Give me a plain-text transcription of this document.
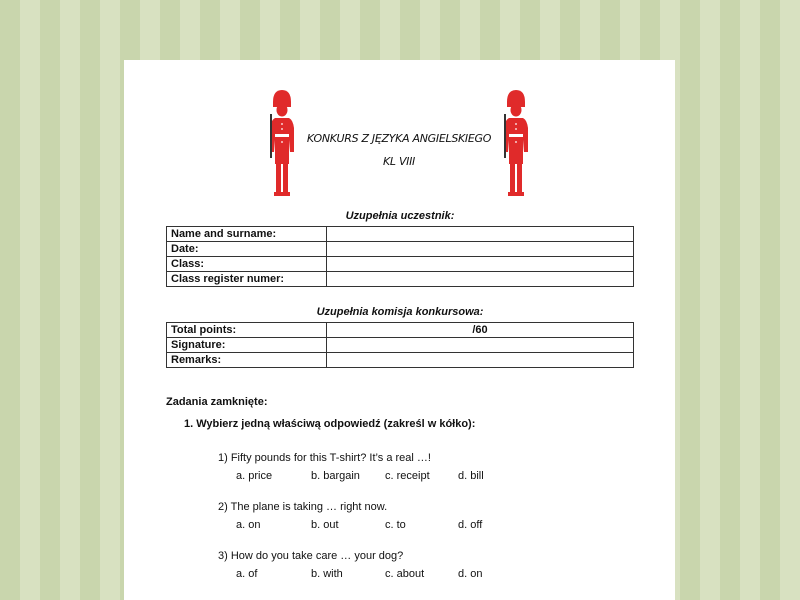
KONKURS Z JĘZYKA ANGIELSKIEGO
KL VIII
Uzupełnia uczestnik:
Name and surname:	
Date:	
Class:	
Class register numer:	
Uzupełnia komisja konkursowa:
Total points:	/60
Signature:	
Remarks:	
Zadania zamknięte:
1. Wybierz jedną właściwą odpowiedź (zakreśl w kółko):
1) Fifty pounds for this T-shirt? It’s a real …!
a. price	b. bargain c. receipt	d. bill
2) The plane is taking … right now.
a. on	b. out	c. to	d. off
3) How do you take care … your dog?
a. of	b. with	c. about	d. on
